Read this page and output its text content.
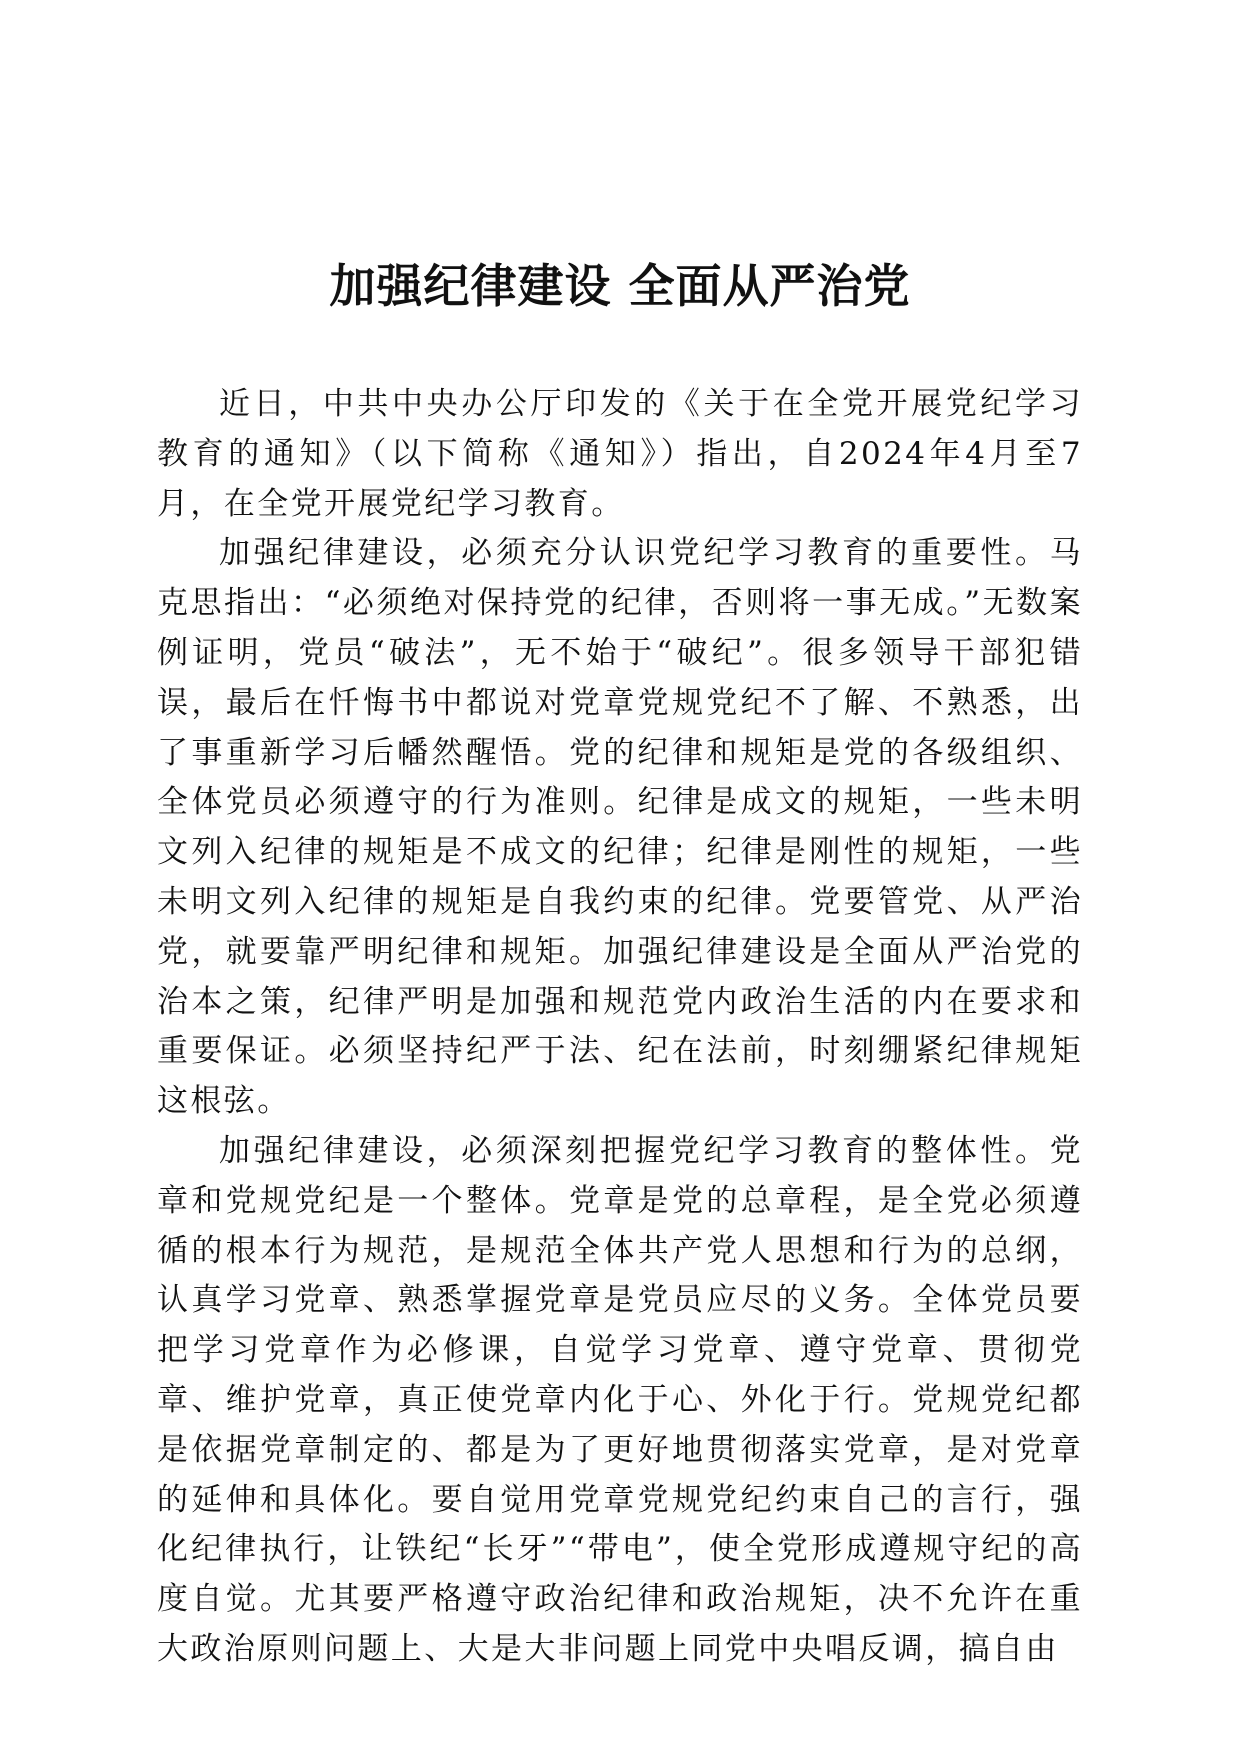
加强纪律建设 全面从严治党

近日，中共中央办公厅印发的《关于在全党开展党纪学习教育的通知》（以下简称《通知》）指出，自2024年4月至7月，在全党开展党纪学习教育。

加强纪律建设，必须充分认识党纪学习教育的重要性。马克思指出：“必须绝对保持党的纪律，否则将一事无成。”无数案例证明，党员“破法”，无不始于“破纪”。很多领导干部犯错误，最后在忏悔书中都说对党章党规党纪不了解、不熟悉，出了事重新学习后幡然醒悟。党的纪律和规矩是党的各级组织、全体党员必须遵守的行为准则。纪律是成文的规矩，一些未明文列入纪律的规矩是不成文的纪律；纪律是刚性的规矩，一些未明文列入纪律的规矩是自我约束的纪律。党要管党、从严治党，就要靠严明纪律和规矩。加强纪律建设是全面从严治党的治本之策，纪律严明是加强和规范党内政治生活的内在要求和重要保证。必须坚持纪严于法、纪在法前，时刻绷紧纪律规矩这根弦。

加强纪律建设，必须深刻把握党纪学习教育的整体性。党章和党规党纪是一个整体。党章是党的总章程，是全党必须遵循的根本行为规范，是规范全体共产党人思想和行为的总纲，认真学习党章、熟悉掌握党章是党员应尽的义务。全体党员要把学习党章作为必修课，自觉学习党章、遵守党章、贯彻党章、维护党章，真正使党章内化于心、外化于行。党规党纪都是依据党章制定的、都是为了更好地贯彻落实党章，是对党章的延伸和具体化。要自觉用党章党规党纪约束自己的言行，强化纪律执行，让铁纪“长牙”“带电”，使全党形成遵规守纪的高度自觉。尤其要严格遵守政治纪律和政治规矩，决不允许在重大政治原则问题上、大是大非问题上同党中央唱反调，搞自由
